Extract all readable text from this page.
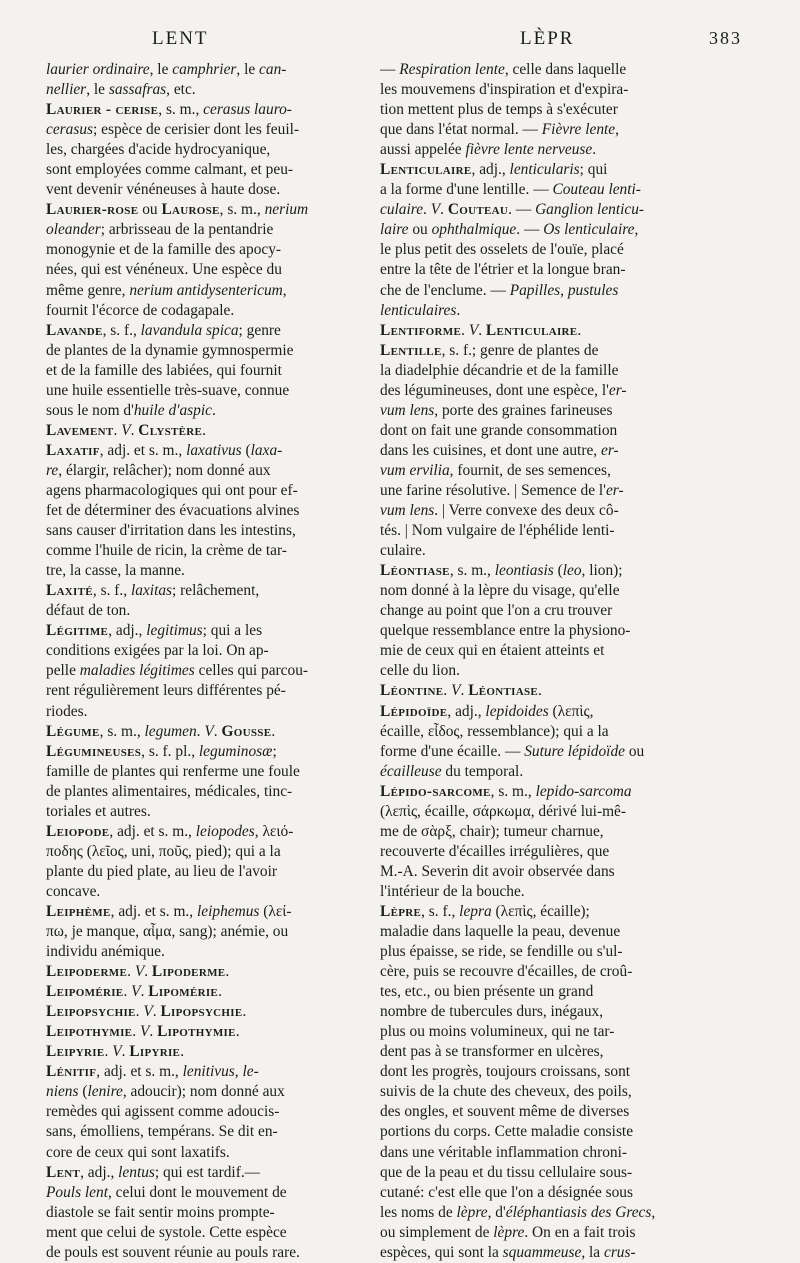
LENT	LÈPR	383
laurier ordinaire, le camphrier, le can-
nellier, le sassafras, etc.
Laurier - cerise, s. m., cerasus lauro-
cerasus; espèce de cerisier dont les feuil-
les, chargées d'acide hydrocyanique,
sont employées comme calmant, et peu-
vent devenir vénéneuses à haute dose.
Laurier-rose ou Laurose, s. m., nerium
oleander; arbrisseau de la pentandrie
monogynie et de la famille des apocy-
nées, qui est vénéneux. Une espèce du
même genre, nerium antidysentericum,
fournit l'écorce de codagapale.
Lavande, s. f., lavandula spica; genre
de plantes de la dynamie gymnospermie
et de la famille des labiées, qui fournit
une huile essentielle très-suave, connue
sous le nom d'huile d'aspic.
Lavement. V. Clystère.
Laxatif, adj. et s. m., laxativus (laxa-
re, élargir, relâcher); nom donné aux
agens pharmacologiques qui ont pour ef-
fet de déterminer des évacuations alvines
sans causer d'irritation dans les intestins,
comme l'huile de ricin, la crème de tar-
tre, la casse, la manne.
Laxité, s. f., laxitas; relâchement,
défaut de ton.
Légitime, adj., legitimus; qui a les
conditions exigées par la loi. On ap-
pelle maladies légitimes celles qui parcou-
rent régulièrement leurs différentes pé-
riodes.
Légume, s. m., legumen. V. Gousse.
Légumineuses, s. f. pl., leguminosæ;
famille de plantes qui renferme une foule
de plantes alimentaires, médicales, tinc-
toriales et autres.
Leiopode, adj. et s. m., leiopodes, λειό-
ποδης (λεῖος, uni, ποῦς, pied); qui a la
plante du pied plate, au lieu de l'avoir
concave.
Leiphème, adj. et s. m., leiphemus (λεί-
πω, je manque, αἷμα, sang); anémie, ou
individu anémique.
Leipoderme. V. Lipoderme.
Leipomérie. V. Lipomérie.
Leipopsychie. V. Lipopsychie.
Leipothymie. V. Lipothymie.
Leipyrie. V. Lipyrie.
Lénitif, adj. et s. m., lenitivus, le-
niens (lenire, adoucir); nom donné aux
remèdes qui agissent comme adoucis-
sans, émolliens, tempérans. Se dit en-
core de ceux qui sont laxatifs.
Lent, adj., lentus; qui est tardif.—
Pouls lent, celui dont le mouvement de
diastole se fait sentir moins prompte-
ment que celui de systole. Cette espèce
de pouls est souvent réunie au pouls rare.
— Respiration lente, celle dans laquelle
les mouvemens d'inspiration et d'expira-
tion mettent plus de temps à s'exécuter
que dans l'état normal. — Fièvre lente,
aussi appelée fièvre lente nerveuse.
Lenticulaire, adj., lenticularis; qui
a la forme d'une lentille. — Couteau lenti-
culaire. V. Couteau. — Ganglion lenticu-
laire ou ophthalmique. — Os lenticulaire,
le plus petit des osselets de l'ouïe, placé
entre la tête de l'étrier et la longue bran-
che de l'enclume. — Papilles, pustules
lenticulaires.
Lentiforme. V. Lenticulaire.
Lentille, s. f.; genre de plantes de
la diadelphie décandrie et de la famille
des légumineuses, dont une espèce, l'er-
vum lens, porte des graines farineuses
dont on fait une grande consommation
dans les cuisines, et dont une autre, er-
vum ervilia, fournit, de ses semences,
une farine résolutive. | Semence de l'er-
vum lens. | Verre convexe des deux cô-
tés. | Nom vulgaire de l'éphélide lenti-
culaire.
Léontiase, s. m., leontiasis (leo, lion);
nom donné à la lèpre du visage, qu'elle
change au point que l'on a cru trouver
quelque ressemblance entre la physiono-
mie de ceux qui en étaient atteints et
celle du lion.
Léontine. V. Léontiase.
Lépidoïde, adj., lepidoides (λεπὶς,
écaille, εἶδος, ressemblance); qui a la
forme d'une écaille. — Suture lépidoïde ou
écailleuse du temporal.
Lépido-sarcome, s. m., lepido-sarcoma
(λεπὶς, écaille, σάρκωμα, dérivé lui-mê-
me de σὰρξ, chair); tumeur charnue,
recouverte d'écailles irrégulières, que
M.-A. Severin dit avoir observée dans
l'intérieur de la bouche.
Lèpre, s. f., lepra (λεπὶς, écaille);
maladie dans laquelle la peau, devenue
plus épaisse, se ride, se fendille ou s'ul-
cère, puis se recouvre d'écailles, de croû-
tes, etc., ou bien présente un grand
nombre de tubercules durs, inégaux,
plus ou moins volumineux, qui ne tar-
dent pas à se transformer en ulcères,
dont les progrès, toujours croissans, sont
suivis de la chute des cheveux, des poils,
des ongles, et souvent même de diverses
portions du corps. Cette maladie consiste
dans une véritable inflammation chroni-
que de la peau et du tissu cellulaire sous-
cutané: c'est elle que l'on a désignée sous
les noms de lèpre, d'éléphantiasis des Grecs,
ou simplement de lèpre. On en a fait trois
espèces, qui sont la squammeuse, la crus-
